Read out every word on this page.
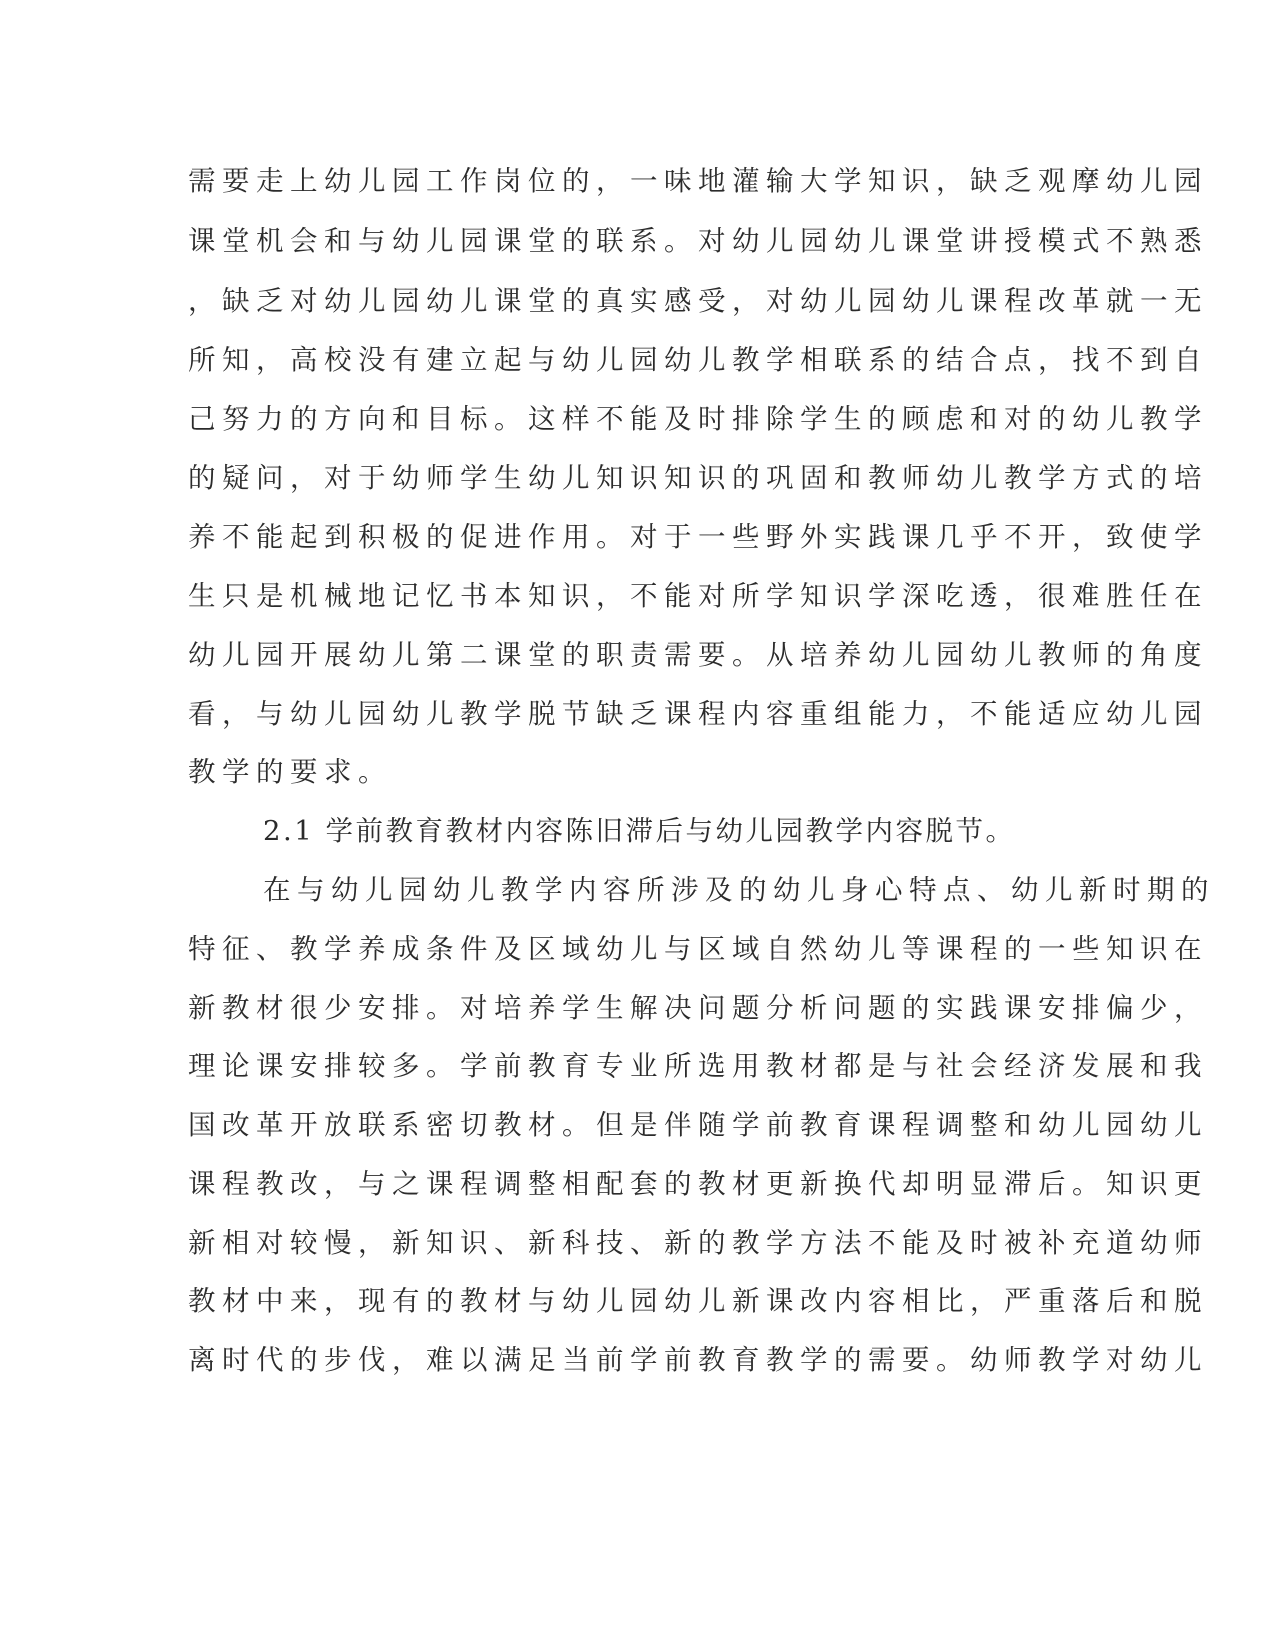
需要走上幼儿园工作岗位的，一味地灌输大学知识，缺乏观摩幼儿园
课堂机会和与幼儿园课堂的联系。对幼儿园幼儿课堂讲授模式不熟悉
，缺乏对幼儿园幼儿课堂的真实感受，对幼儿园幼儿课程改革就一无
所知，高校没有建立起与幼儿园幼儿教学相联系的结合点，找不到自
己努力的方向和目标。这样不能及时排除学生的顾虑和对的幼儿教学
的疑问，对于幼师学生幼儿知识知识的巩固和教师幼儿教学方式的培
养不能起到积极的促进作用。对于一些野外实践课几乎不开，致使学
生只是机械地记忆书本知识，不能对所学知识学深吃透，很难胜任在
幼儿园开展幼儿第二课堂的职责需要。从培养幼儿园幼儿教师的角度
看，与幼儿园幼儿教学脱节缺乏课程内容重组能力，不能适应幼儿园
教学的要求。
2.1 学前教育教材内容陈旧滞后与幼儿园教学内容脱节。
在与幼儿园幼儿教学内容所涉及的幼儿身心特点、幼儿新时期的
特征、教学养成条件及区域幼儿与区域自然幼儿等课程的一些知识在
新教材很少安排。对培养学生解决问题分析问题的实践课安排偏少，
理论课安排较多。学前教育专业所选用教材都是与社会经济发展和我
国改革开放联系密切教材。但是伴随学前教育课程调整和幼儿园幼儿
课程教改，与之课程调整相配套的教材更新换代却明显滞后。知识更
新相对较慢，新知识、新科技、新的教学方法不能及时被补充道幼师
教材中来，现有的教材与幼儿园幼儿新课改内容相比，严重落后和脱
离时代的步伐，难以满足当前学前教育教学的需要。幼师教学对幼儿
